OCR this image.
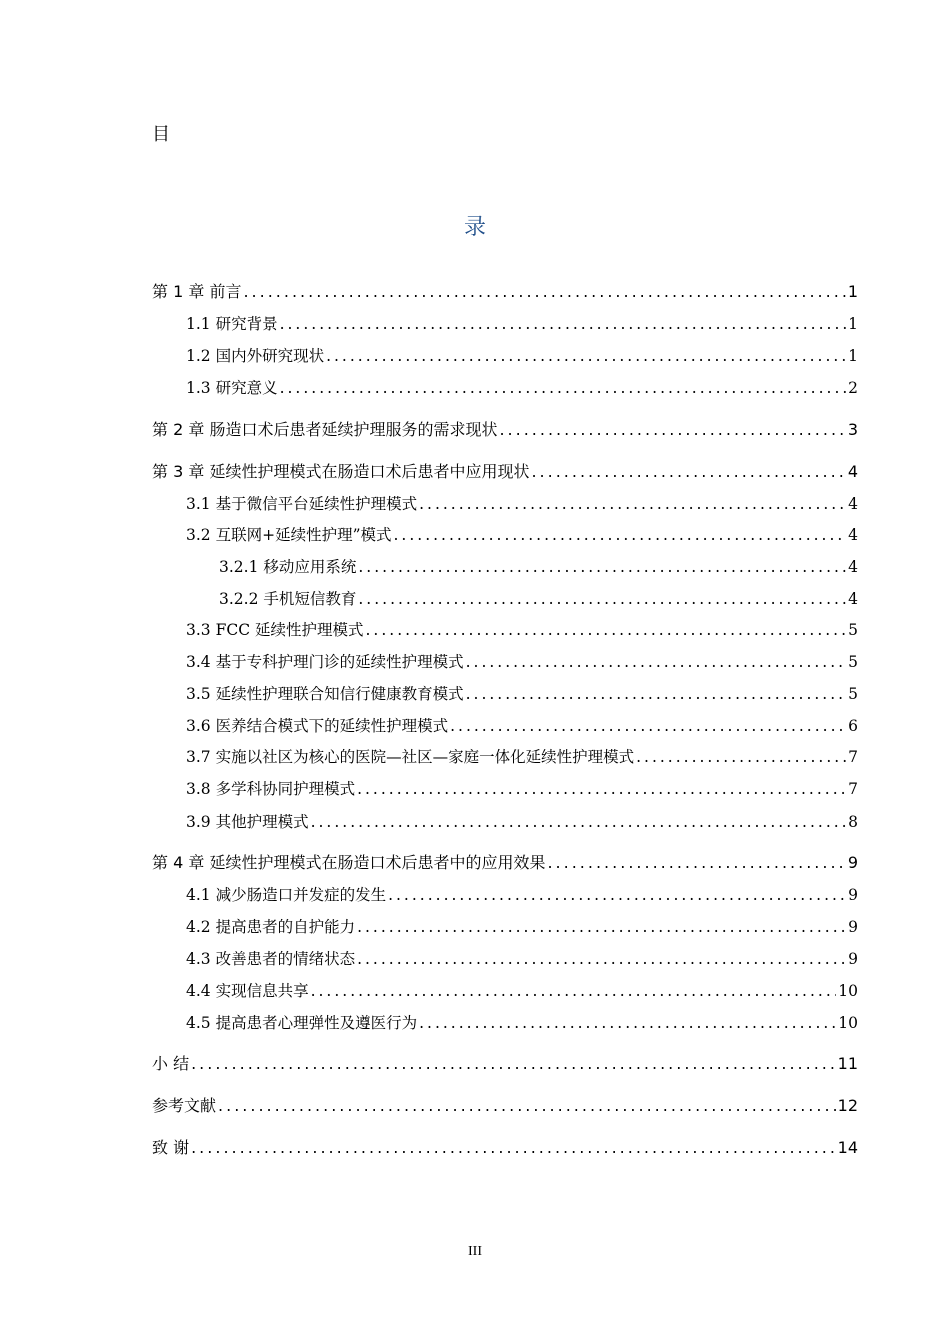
目
录
第 1 章 前言 .....	1
1.1 研究背景 .....	1
1.2 国内外研究现状 .....	1
1.3 研究意义 .....	2
第 2 章 肠造口术后患者延续护理服务的需求现状 .....	3
第 3 章 延续性护理模式在肠造口术后患者中应用现状 .....	4
3.1 基于微信平台延续性护理模式 .....	4
3.2 互联网+延续性护理”模式 .....	4
3.2.1 移动应用系统 .....	4
3.2.2 手机短信教育 .....	4
3.3 FCC 延续性护理模式 .....	5
3.4 基于专科护理门诊的延续性护理模式 .....	5
3.5 延续性护理联合知信行健康教育模式 .....	5
3.6 医养结合模式下的延续性护理模式 .....	6
3.7 实施以社区为核心的医院—社区—家庭一体化延续性护理模式 .....	7
3.8 多学科协同护理模式 .....	7
3.9 其他护理模式 .....	8
第 4 章 延续性护理模式在肠造口术后患者中的应用效果 .....	9
4.1 减少肠造口并发症的发生 .....	9
4.2 提高患者的自护能力 .....	9
4.3 改善患者的情绪状态 .....	9
4.4 实现信息共享 .....	10
4.5 提高患者心理弹性及遵医行为 .....	10
小 结 .....	11
参考文献 .....	12
致 谢 .....	14
III
